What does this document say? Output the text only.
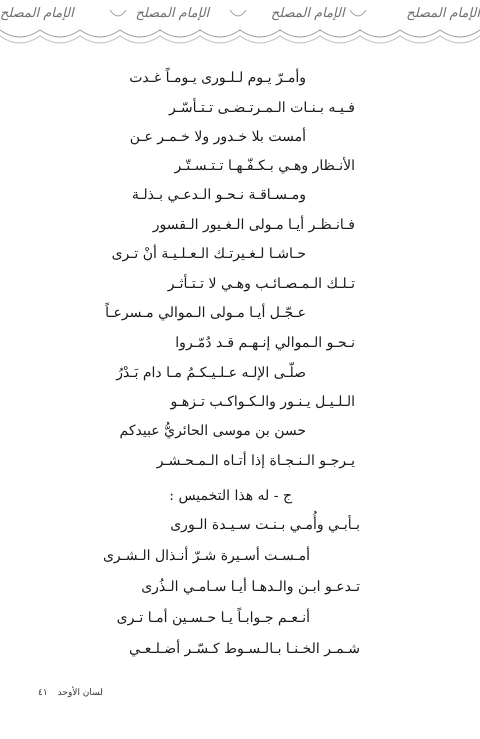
الإمام المصلح
الإمام المصلح
الإمام المصلح
الإمام المصلح
وأمـرّ يـوم لـلـورى يـومـاً غـدت
فـيـه بـنـات الـمـرتـضـى تـتـأسّـر
أمست بلا خـدور ولا خـمـر عـن
الأنـظار وهـي بـكـفّـهـا تـتـسـتّـر
ومـسـاقـة نـحـو الـدعـي بـذلـة
فـانـظـر أيـا مـولى الـغـيور الـقسور
حـاشـا لـغـيرتـك الـعـلـيـة أنْ تـرى
تـلـك الـمـصـائـب وهـي لا تـتـأثـر
عـجّـل أيـا مـولى الـموالي مـسرعـاً
نـحـو الـموالي إنـهـم قـد دُمّـروا
صلّـى الإلـه عـلـيـكـمُ مـا دام بَـدْرُ
الـلـيـل يـنـور والـكـواكـب تـزهـو
حسن بن موسى الحائريُّ عبيدكم
يـرجـو الـنـجـاة إذا أتـاه الـمـحـشـر
ج - له هذا التخميس :
بـأبـي وأُمـي بـنـت سـيـدة الـورى
أمـسـت أسـيرة شـرّ أنـذال الـشـرى
تـدعـو ابـن والـدهـا أيـا سـامـي الـذُرى
أنـعـم جـوابـاً يـا حـسـين أمـا تـرى
شـمـر الخـنـا بـالـسـوط كـسّـر أضـلـعـي
لسان الأوحد
٤١
